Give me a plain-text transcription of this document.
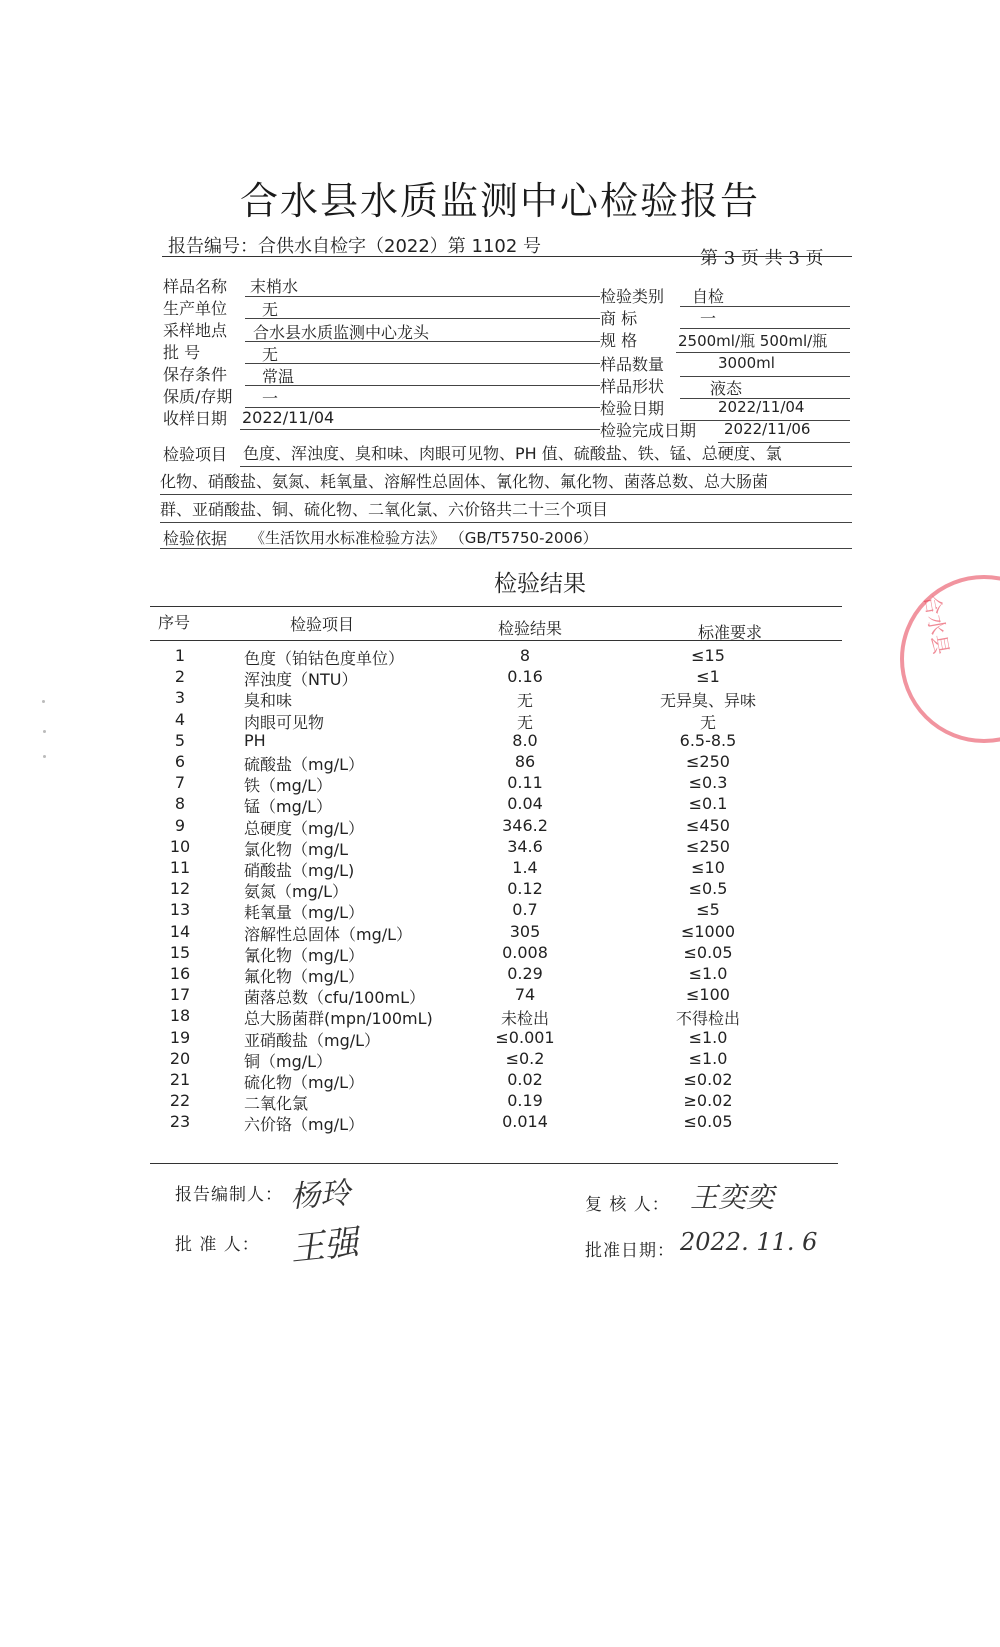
合水县水质监测中心检验报告
报告编号：合供水自检字（2022）第 1102 号
第 3 页 共 3 页
样品名称 末梢水
生产单位 无
采样地点 合水县水质监测中心龙头
批 号	无
保存条件 常温
保质/存期 一
收样日期 2022/11/04
检验类别 自检
商 标	一
规 格	2500ml/瓶 500ml/瓶
样品数量	3000ml
样品形状	液态
检验日期	2022/11/04
检验完成日期 2022/11/06
检验项目 色度、浑浊度、臭和味、肉眼可见物、PH 值、硫酸盐、铁、锰、总硬度、氯
化物、硝酸盐、氨氮、耗氧量、溶解性总固体、氰化物、氟化物、菌落总数、总大肠菌
群、亚硝酸盐、铜、硫化物、二氧化氯、六价铬共二十三个项目
检验依据 《生活饮用水标准检验方法》 （GB/T5750-2006）
检验结果
序号	检验项目	检验结果	标准要求
1	色度（铂钴色度单位）	8	≤15
2	浑浊度（NTU）	0.16	≤1
3	臭和味	无	无异臭、异味
4	肉眼可见物	无	无
5	PH	8.0	6.5-8.5
6	硫酸盐（mg/L）	86	≤250
7	铁（mg/L）	0.11	≤0.3
8	锰（mg/L）	0.04	≤0.1
9	总硬度（mg/L）	346.2	≤450
10	氯化物（mg/L	34.6	≤250
11	硝酸盐（mg/L)	1.4	≤10
12	氨氮（mg/L）	0.12	≤0.5
13	耗氧量（mg/L）	0.7	≤5
14	溶解性总固体（mg/L）	305	≤1000
15	氰化物（mg/L）	0.008	≤0.05
16	氟化物（mg/L）	0.29	≤1.0
17	菌落总数（cfu/100mL）	74	≤100
18	总大肠菌群(mpn/100mL)	未检出	不得检出
19	亚硝酸盐（mg/L）	≤0.001	≤1.0
20	铜（mg/L）	≤0.2	≤1.0
21	硫化物（mg/L）	0.02	≤0.02
22	二氧化氯	0.19	≥0.02
23	六价铬（mg/L）	0.014	≤0.05
报告编制人： 杨玲	复 核 人： 王奕奕
批 准 人： 王强	批准日期： 2022. 11. 6
合水县
